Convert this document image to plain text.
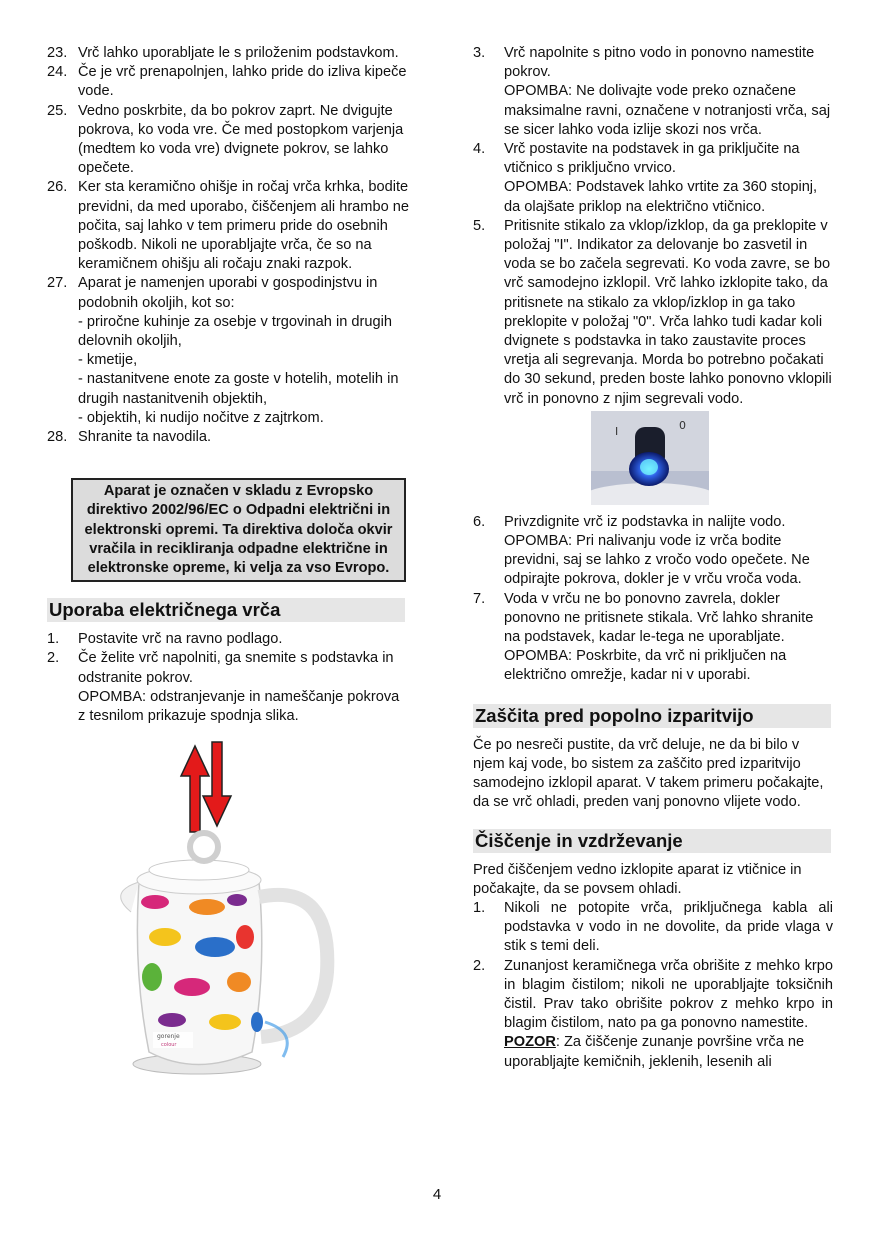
23. Vrč lahko uporabljate le s priloženim podstavkom.
24. Če je vrč prenapolnjen, lahko pride do izliva kipeče vode.
25. Vedno poskrbite, da bo pokrov zaprt. Ne dvigujte pokrova, ko voda vre. Če med postopkom varjenja (medtem ko voda vre) dvignete pokrov, se lahko opečete.
26. Ker sta keramično ohišje in ročaj vrča krhka, bodite previdni, da med uporabo, čiščenjem ali hrambo ne počita, saj lahko v tem primeru pride do osebnih poškodb. Nikoli ne uporabljajte vrča, če so na keramičnem ohišju ali ročaju znaki razpok.
27. Aparat je namenjen uporabi v gospodinjstvu in podobnih okoljih, kot so:
- priročne kuhinje za osebje v trgovinah in drugih delovnih okoljih,
- kmetije,
- nastanitvene enote za goste v hotelih, motelih in drugih nastanitvenih objektih,
- objektih, ki nudijo nočitve z zajtrkom.
28. Shranite ta navodila.
Aparat je označen v skladu z Evropsko direktivo 2002/96/EC o Odpadni električni in elektronski opremi. Ta direktiva določa okvir vračila in recikliranja odpadne električne in elektronske opreme, ki velja za vso Evropo.
Uporaba električnega vrča
1. Postavite vrč na ravno podlago.
2. Če želite vrč napolniti, ga snemite s podstavka in odstranite pokrov.
OPOMBA: odstranjevanje in nameščanje pokrova z tesnilom prikazuje spodnja slika.
gorenje
colour
3. Vrč napolnite s pitno vodo in ponovno namestite pokrov.
OPOMBA: Ne dolivajte vode preko označene maksimalne ravni, označene v notranjosti vrča, saj se sicer lahko voda izlije skozi nos vrča.
4. Vrč postavite na podstavek in ga priključite na vtičnico s priključno vrvico.
OPOMBA: Podstavek lahko vrtite za 360 stopinj, da olajšate priklop na električno vtičnico.
5. Pritisnite stikalo za vklop/izklop, da ga preklopite v položaj "I". Indikator za delovanje bo zasvetil in voda se bo začela segrevati. Ko voda zavre, se bo vrč samodejno izklopil. Vrč lahko izklopite tako, da pritisnete na stikalo za vklop/izklop in ga tako preklopite v položaj "0". Vrča lahko tudi kadar koli dvignete s podstavka in tako zaustavite proces vretja ali segrevanja. Morda bo potrebno počakati do 30 sekund, preden boste lahko ponovno vklopili vrč in ponovno z njim segrevali vodo.
I	0
6. Privzdignite vrč iz podstavka in nalijte vodo.
OPOMBA: Pri nalivanju vode iz vrča bodite previdni, saj se lahko z vročo vodo opečete. Ne odpirajte pokrova, dokler je v vrču vroča voda.
7. Voda v vrču ne bo ponovno zavrela, dokler ponovno ne pritisnete stikala. Vrč lahko shranite na podstavek, kadar le-tega ne uporabljate.
OPOMBA: Poskrbite, da vrč ni priključen na električno omrežje, kadar ni v uporabi.
Zaščita pred popolno izparitvijo

Če po nesreči pustite, da vrč deluje, ne da bi bilo v njem kaj vode, bo sistem za zaščito pred izparitvijo samodejno izklopil aparat. V takem primeru počakajte, da se vrč ohladi, preden vanj ponovno vlijete vodo.

Čiščenje in vzdrževanje

Pred čiščenjem vedno izklopite aparat iz vtičnice in počakajte, da se povsem ohladi.

1. Nikoli ne potopite vrča, priključnega kabla ali podstavka v vodo in ne dovolite, da pride vlaga v stik s temi deli.
2. Zunanjost keramičnega vrča obrišite z mehko krpo in blagim čistilom; nikoli ne uporabljajte toksičnih čistil. Prav tako obrišite pokrov z mehko krpo in blagim čistilom, nato pa ga ponovno namestite.
POZOR: Za čiščenje zunanje površine vrča ne uporabljajte kemičnih, jeklenih, lesenih ali
4
